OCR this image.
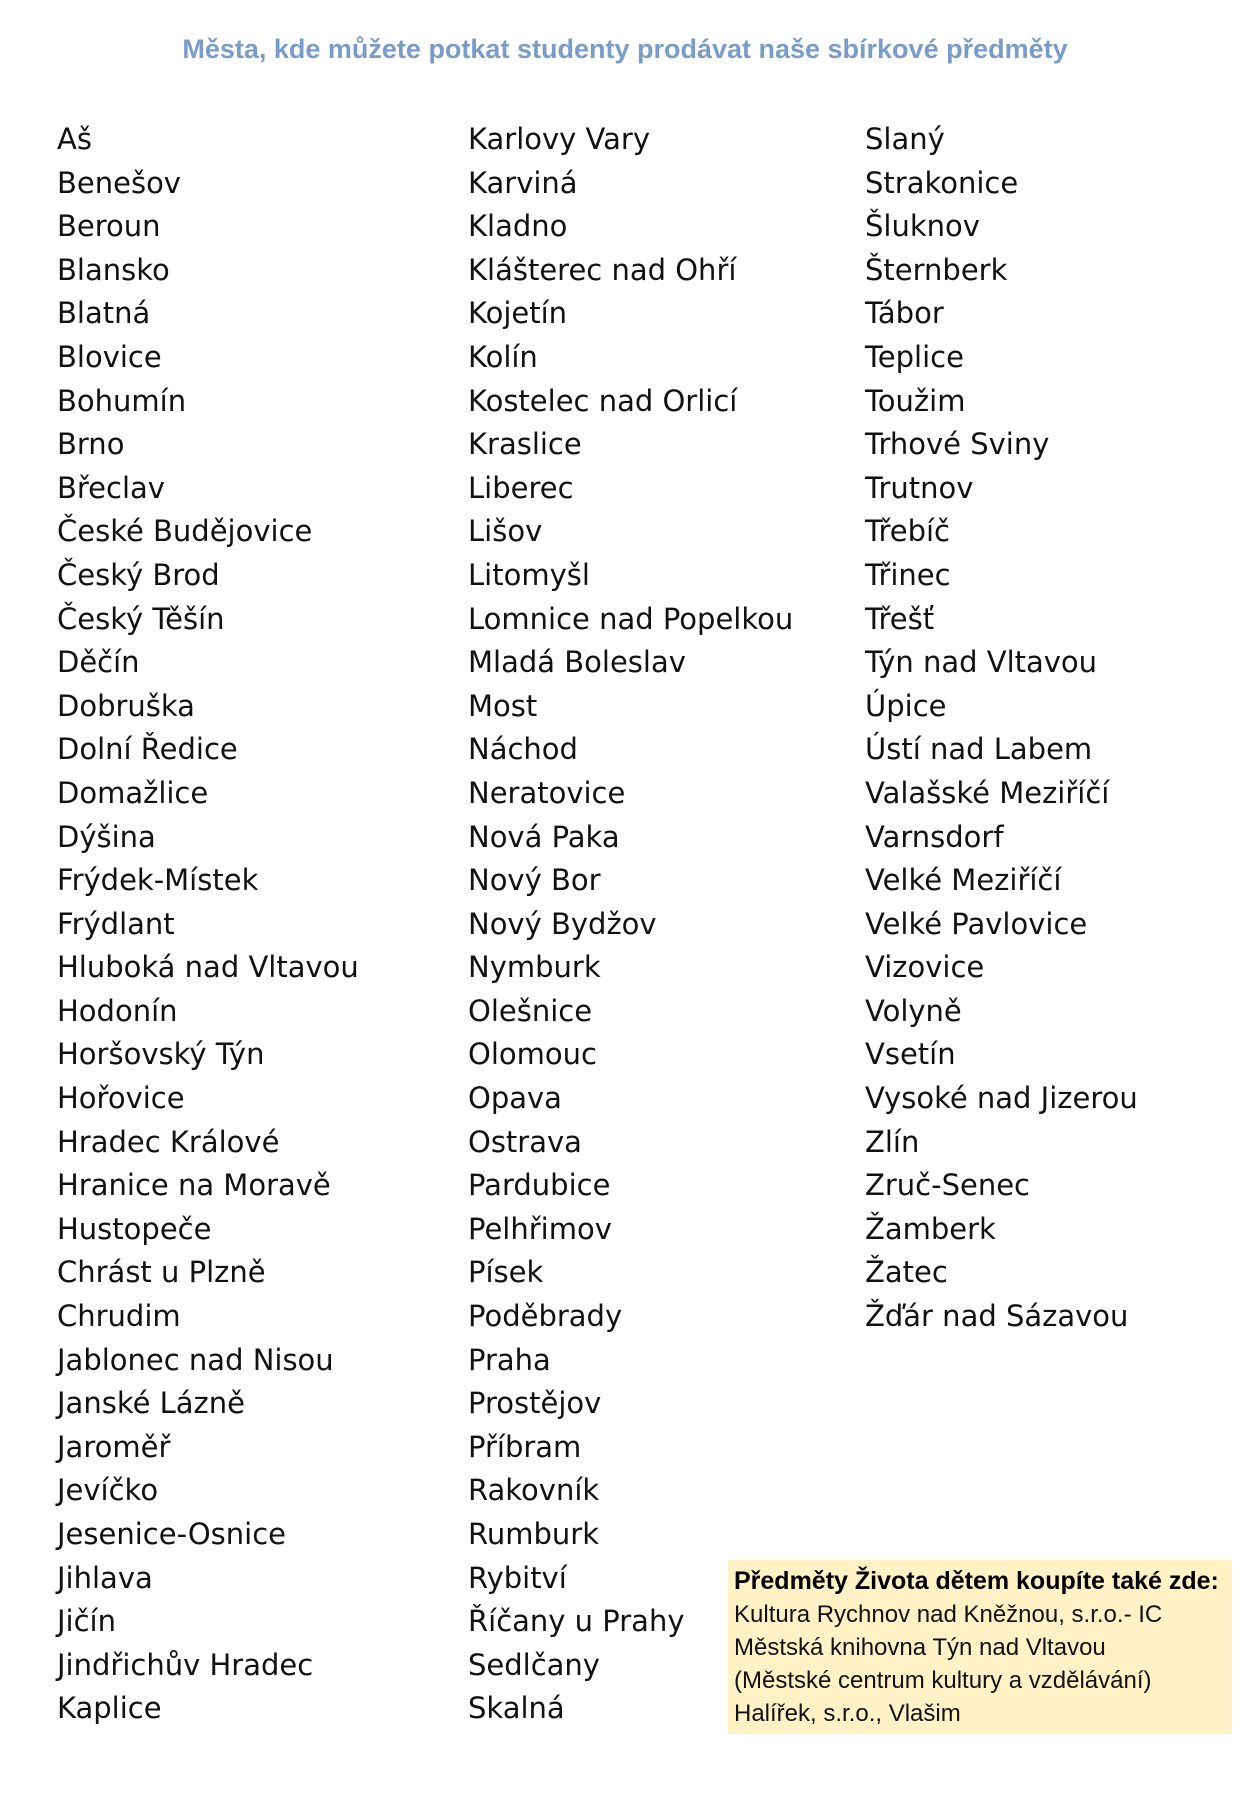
Města, kde můžete potkat studenty prodávat naše sbírkové předměty
Aš
Benešov
Beroun
Blansko
Blatná
Blovice
Bohumín
Brno
Břeclav
České Budějovice
Český Brod
Český Těšín
Děčín
Dobruška
Dolní Ředice
Domažlice
Dýšina
Frýdek-Místek
Frýdlant
Hluboká nad Vltavou
Hodonín
Horšovský Týn
Hořovice
Hradec Králové
Hranice na Moravě
Hustopeče
Chrást u Plzně
Chrudim
Jablonec nad Nisou
Janské Lázně
Jaroměř
Jevíčko
Jesenice-Osnice
Jihlava
Jičín
Jindřichův Hradec
Kaplice
Karlovy Vary
Karviná
Kladno
Klášterec nad Ohří
Kojetín
Kolín
Kostelec nad Orlicí
Kraslice
Liberec
Lišov
Litomyšl
Lomnice nad Popelkou
Mladá Boleslav
Most
Náchod
Neratovice
Nová Paka
Nový Bor
Nový Bydžov
Nymburk
Olešnice
Olomouc
Opava
Ostrava
Pardubice
Pelhřimov
Písek
Poděbrady
Praha
Prostějov
Příbram
Rakovník
Rumburk
Rybitví
Říčany u Prahy
Sedlčany
Skalná
Slaný
Strakonice
Šluknov
Šternberk
Tábor
Teplice
Toužim
Trhové Sviny
Trutnov
Třebíč
Třinec
Třešť
Týn nad Vltavou
Úpice
Ústí nad Labem
Valašské Meziříčí
Varnsdorf
Velké Meziříčí
Velké Pavlovice
Vizovice
Volyně
Vsetín
Vysoké nad Jizerou
Zlín
Zruč-Senec
Žamberk
Žatec
Žďár nad Sázavou
Předměty Života dětem koupíte také zde:
Kultura Rychnov nad Kněžnou, s.r.o.- IC
Městská knihovna Týn nad Vltavou
(Městské centrum kultury a vzdělávání)
Halířek, s.r.o., Vlašim
